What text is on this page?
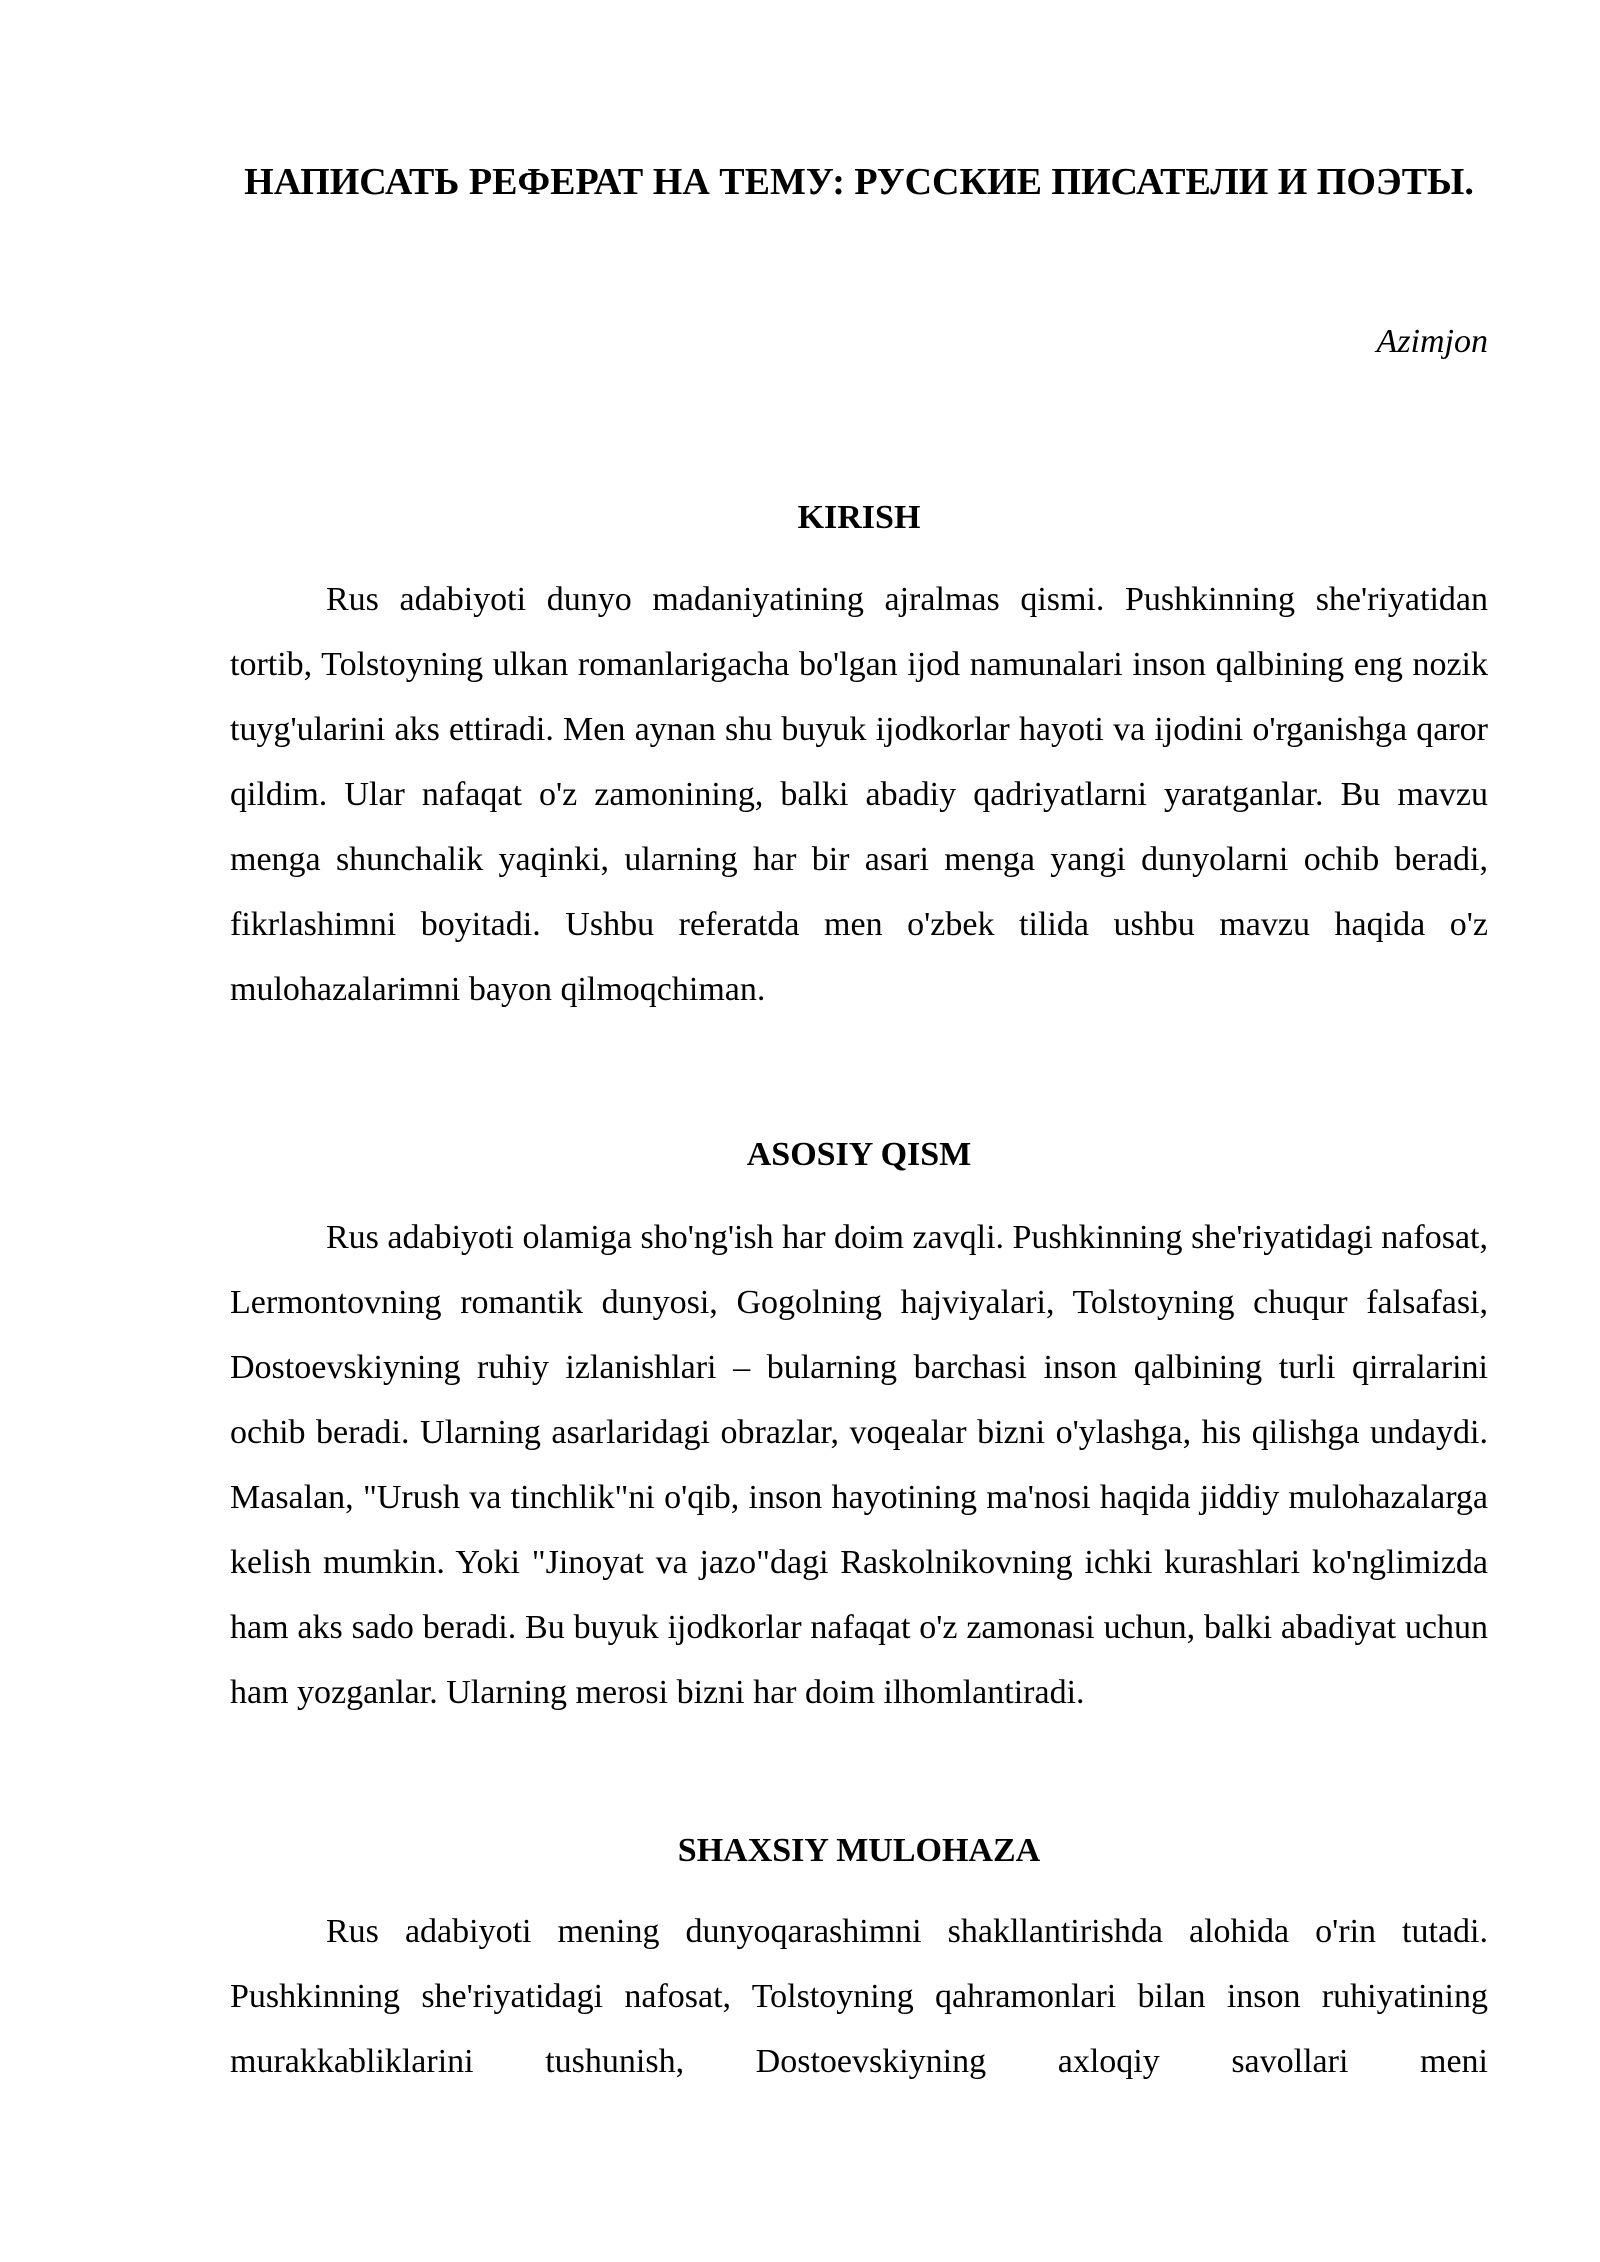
НАПИСАТЬ РЕФЕРАТ НА ТЕМУ: РУССКИЕ ПИСАТЕЛИ И ПОЭТЫ.

Azimjon

KIRISH

Rus adabiyoti dunyo madaniyatining ajralmas qismi. Pushkinning she'riyatidan tortib, Tolstoyning ulkan romanlarigacha bo'lgan ijod namunalari inson qalbining eng nozik tuyg'ularini aks ettiradi. Men aynan shu buyuk ijodkorlar hayoti va ijodini o'rganishga qaror qildim. Ular nafaqat o'z zamonining, balki abadiy qadriyatlarni yaratganlar. Bu mavzu menga shunchalik yaqinki, ularning har bir asari menga yangi dunyolarni ochib beradi, fikrlashimni boyitadi. Ushbu referatda men o'zbek tilida ushbu mavzu haqida o'z mulohazalarimni bayon qilmoqchiman.

ASOSIY QISM

Rus adabiyoti olamiga sho'ng'ish har doim zavqli. Pushkinning she'riyatidagi nafosat, Lermontovning romantik dunyosi, Gogolning hajviyalari, Tolstoyning chuqur falsafasi, Dostoevskiyning ruhiy izlanishlari – bularning barchasi inson qalbining turli qirralarini ochib beradi. Ularning asarlaridagi obrazlar, voqealar bizni o'ylashga, his qilishga undaydi. Masalan, "Urush va tinchlik"ni o'qib, inson hayotining ma'nosi haqida jiddiy mulohazalarga kelish mumkin. Yoki "Jinoyat va jazo"dagi Raskolnikovning ichki kurashlari ko'nglimizda ham aks sado beradi. Bu buyuk ijodkorlar nafaqat o'z zamonasi uchun, balki abadiyat uchun ham yozganlar. Ularning merosi bizni har doim ilhomlantiradi.

SHAXSIY MULOHAZA

Rus adabiyoti mening dunyoqarashimni shakllantirishda alohida o'rin tutadi. Pushkinning she'riyatidagi nafosat, Tolstoyning qahramonlari bilan inson ruhiyatining murakkabliklarini tushunish, Dostoevskiyning axloqiy savollari meni
